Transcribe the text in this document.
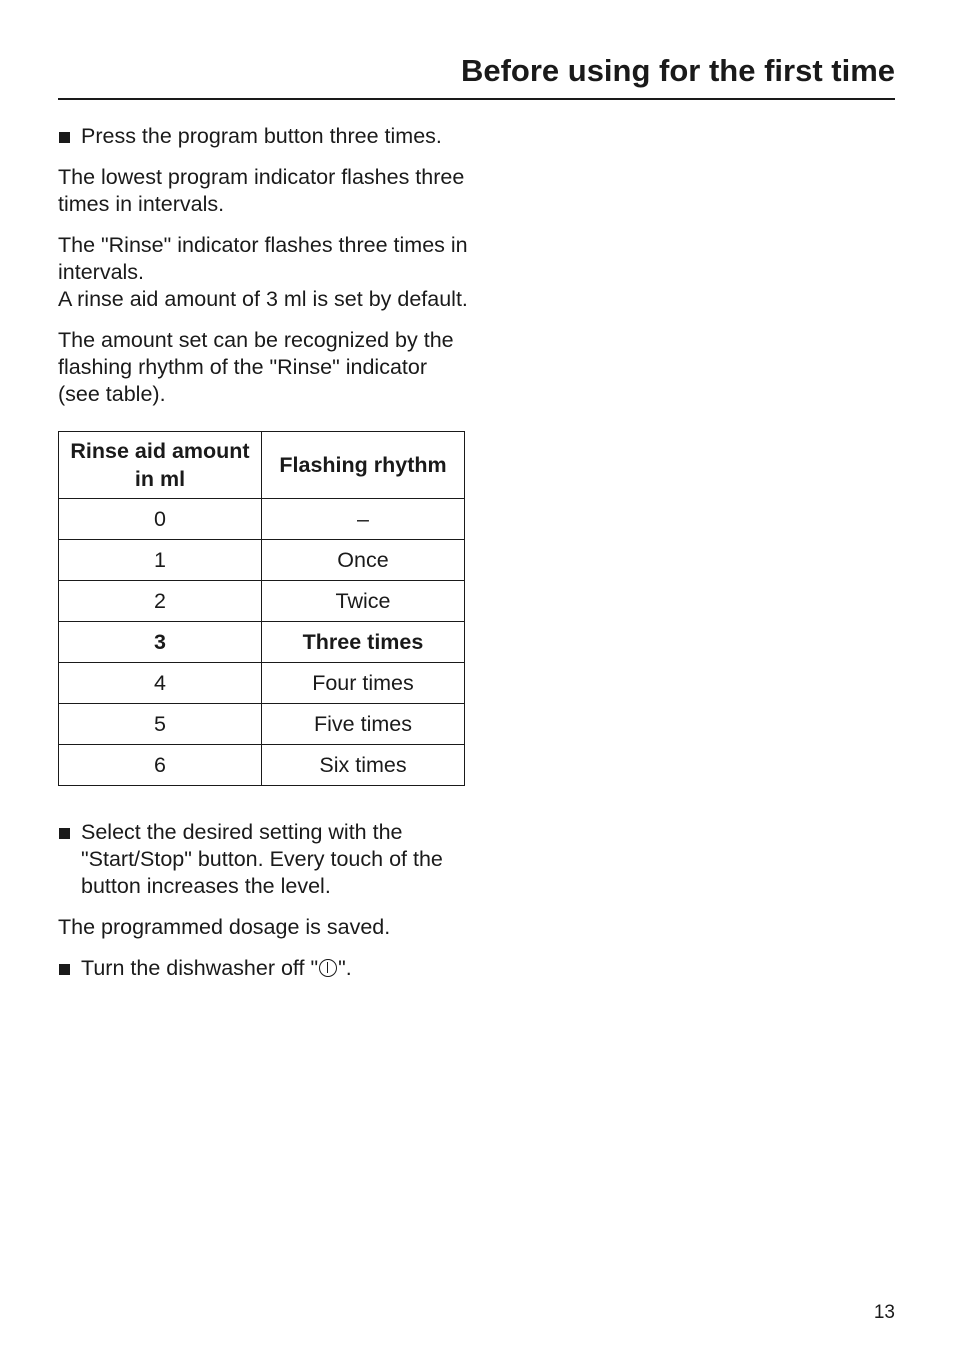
Before using for the first time
Press the program button three times.

The lowest program indicator flashes three times in intervals.

The "Rinse" indicator flashes three times in intervals.
A rinse aid amount of 3 ml is set by default.

The amount set can be recognized by the flashing rhythm of the "Rinse" indicator (see table).

Rinse aid amount in ml	Flashing rhythm
0	–
1	Once
2	Twice
3	Three times
4	Four times
5	Five times
6	Six times
Select the desired setting with the "Start/Stop" button. Every touch of the button increases the level.

The programmed dosage is saved.

Turn the dishwasher off " ".
13
